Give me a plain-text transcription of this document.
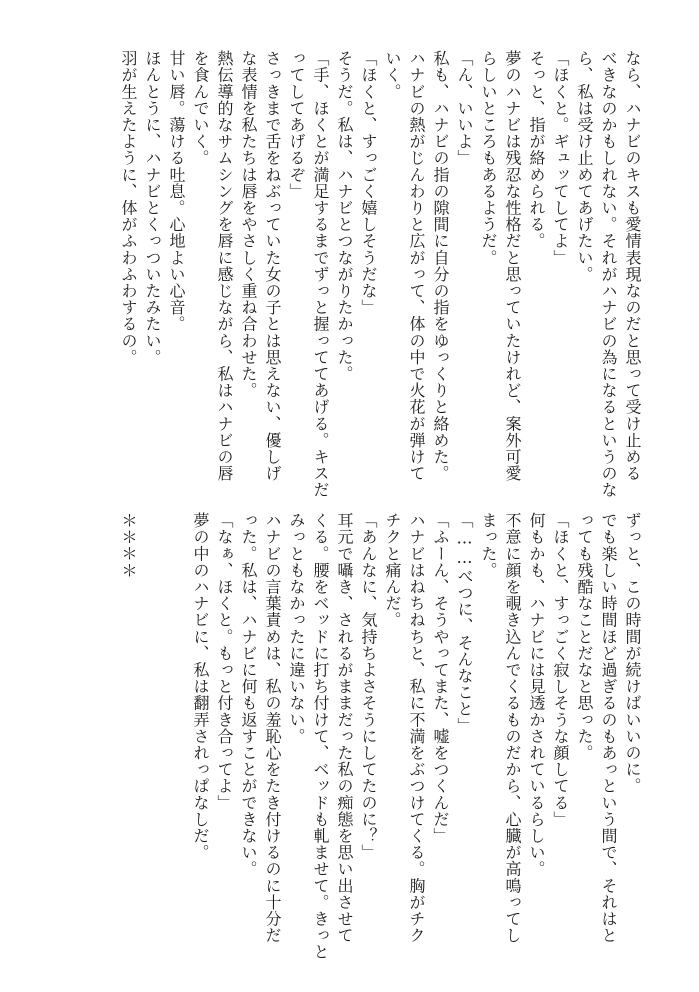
なら、ハナビのキスも愛情表現なのだと思って受け止める
べきなのかもしれない。それがハナビの為になるというのな
ら、私は受け止めてあげたい。
「ほくと。ギュッてしてよ」
そっと、指が絡められる。
夢のハナビは残忍な性格だと思っていたけれど、案外可愛
らしいところもあるようだ。
「ん、いいよ」
私も、ハナビの指の隙間に自分の指をゆっくりと絡めた。
ハナビの熱がじんわりと広がって、体の中で火花が弾けて
いく。
「ほくと、すっごく嬉しそうだな」
そうだ。私は、ハナビとつながりたかった。
「手、ほくとが満足するまでずっと握っててあげる。キスだ
ってしてあげるぞ」
さっきまで舌をねぶっていた女の子とは思えない、優しげ
な表情を私たちは唇をやさしく重ね合わせた。
熱伝導的なサムシングを唇に感じながら、私はハナビの唇
を食んでいく。
甘い唇。蕩ける吐息。心地よい心音。
ほんとうに、ハナビとくっついたみたい。
羽が生えたように、体がふわふわするの。
ずっと、この時間が続けばいいのに。
でも楽しい時間ほど過ぎるのもあっという間で、それはと
っても残酷なことだなと思った。
「ほくと、すっごく寂しそうな顔してる」
何もかも、ハナビには見透かされているらしい。
不意に顔を覗き込んでくるものだから、心臓が高鳴ってし
まった。
「……べつに、そんなこと」
「ふーん、そうやってまた、嘘をつくんだ」
ハナビはねちねちと、私に不満をぶつけてくる。胸がチク
チクと痛んだ。
「あんなに、気持ちよさそうにしてたのに？」
耳元で囁き、されるがままだった私の痴態を思い出させて
くる。腰をベッドに打ち付けて、ベッドも軋ませて。きっと
みっともなかったに違いない。
ハナビの言葉責めは、私の羞恥心をたき付けるのに十分だ
った。私は、ハナビに何も返すことができない。
「なぁ、ほくと。もっと付き合ってよ」
夢の中のハナビに、私は翻弄されっぱなしだ。

＊＊＊＊
